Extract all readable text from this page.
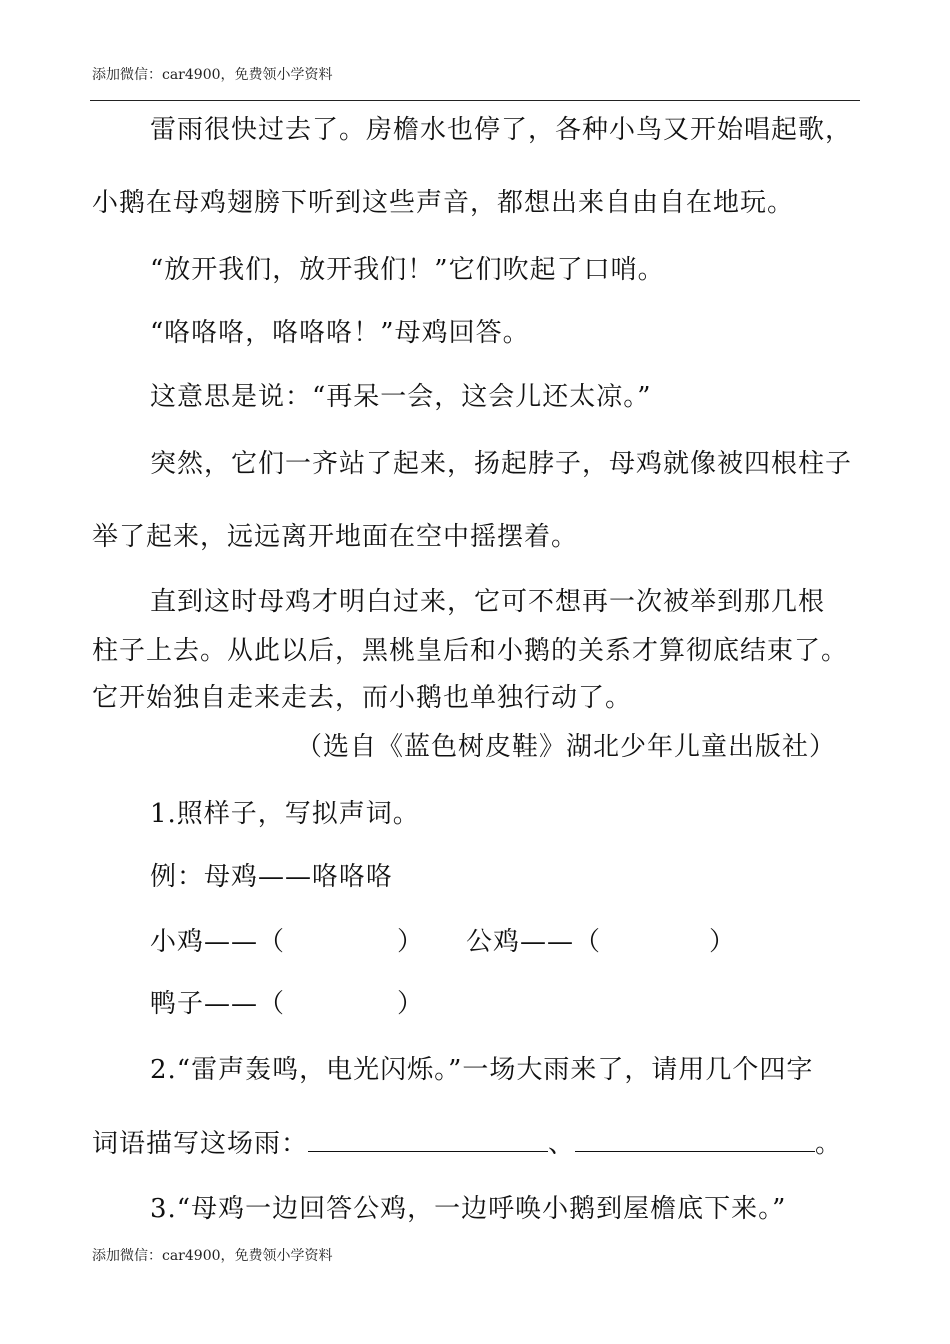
添加微信：car4900，免费领小学资料
雷雨很快过去了。房檐水也停了，各种小鸟又开始唱起歌，
小鹅在母鸡翅膀下听到这些声音，都想出来自由自在地玩。
“放开我们，放开我们！”它们吹起了口哨。
“咯咯咯，咯咯咯！”母鸡回答。
这意思是说：“再呆一会，这会儿还太凉。”
突然，它们一齐站了起来，扬起脖子，母鸡就像被四根柱子
举了起来，远远离开地面在空中摇摆着。
直到这时母鸡才明白过来，它可不想再一次被举到那几根
柱子上去。从此以后，黑桃皇后和小鹅的关系才算彻底结束了。
它开始独自走来走去，而小鹅也单独行动了。
（选自《蓝色树皮鞋》湖北少年儿童出版社）
1.照样子，写拟声词。
例：母鸡——咯咯咯
小鸡——（	） 公鸡——（	）
鸭子——（	）
2.“雷声轰鸣，电光闪烁。”一场大雨来了，请用几个四字
词语描写这场雨：	、	。
3.“母鸡一边回答公鸡，一边呼唤小鹅到屋檐底下来。”
添加微信：car4900，免费领小学资料
